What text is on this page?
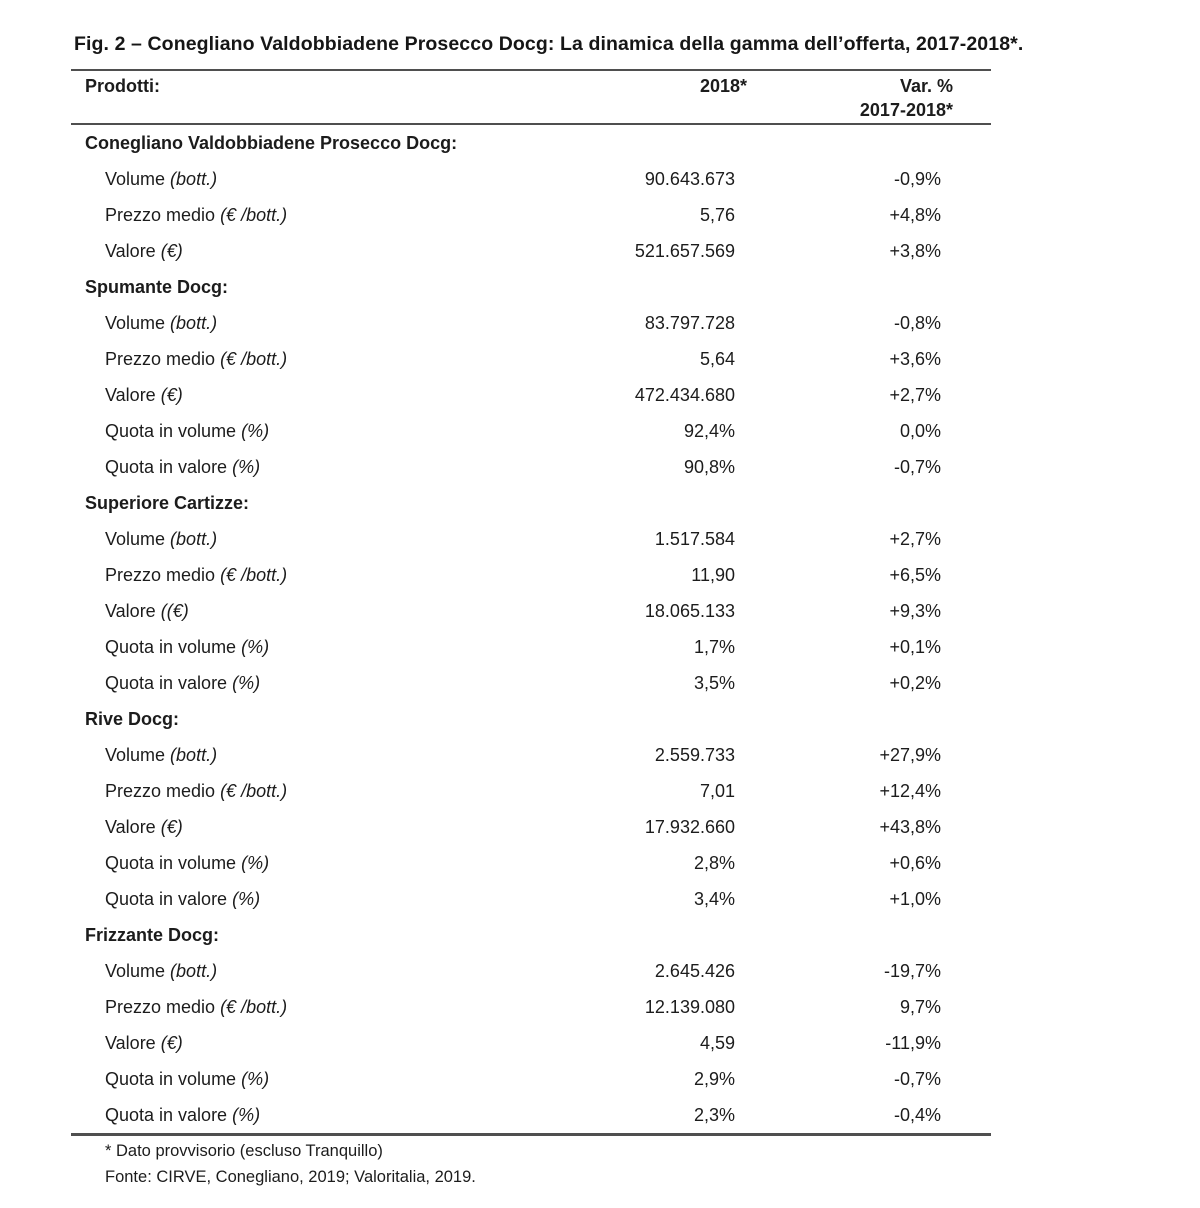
Fig. 2 – Conegliano Valdobbiadene Prosecco Docg: La dinamica della gamma dell’offerta, 2017-2018*.
Prodotti:	2018*	Var. %
2017-2018*

Conegliano Valdobbiadene Prosecco Docg:		
Volume (bott.)	90.643.673	-0,9%
Prezzo medio (€ /bott.)	5,76	+4,8%
Valore (€)	521.657.569	+3,8%
Spumante Docg:		
Volume (bott.)	83.797.728	-0,8%
Prezzo medio (€ /bott.)	5,64	+3,6%
Valore (€)	472.434.680	+2,7%
Quota in volume (%)	92,4%	0,0%
Quota in valore (%)	90,8%	-0,7%
Superiore Cartizze:		
Volume (bott.)	1.517.584	+2,7%
Prezzo medio (€ /bott.)	11,90	+6,5%
Valore ((€)	18.065.133	+9,3%
Quota in volume (%)	1,7%	+0,1%
Quota in valore (%)	3,5%	+0,2%
Rive Docg:		
Volume (bott.)	2.559.733	+27,9%
Prezzo medio (€ /bott.)	7,01	+12,4%
Valore (€)	17.932.660	+43,8%
Quota in volume (%)	2,8%	+0,6%
Quota in valore (%)	3,4%	+1,0%
Frizzante Docg:		
Volume (bott.)	2.645.426	-19,7%
Prezzo medio (€ /bott.)	12.139.080	9,7%
Valore (€)	4,59	-11,9%
Quota in volume (%)	2,9%	-0,7%
Quota in valore (%)	2,3%	-0,4%
* Dato provvisorio (escluso Tranquillo)
Fonte: CIRVE, Conegliano, 2019; Valoritalia, 2019.
